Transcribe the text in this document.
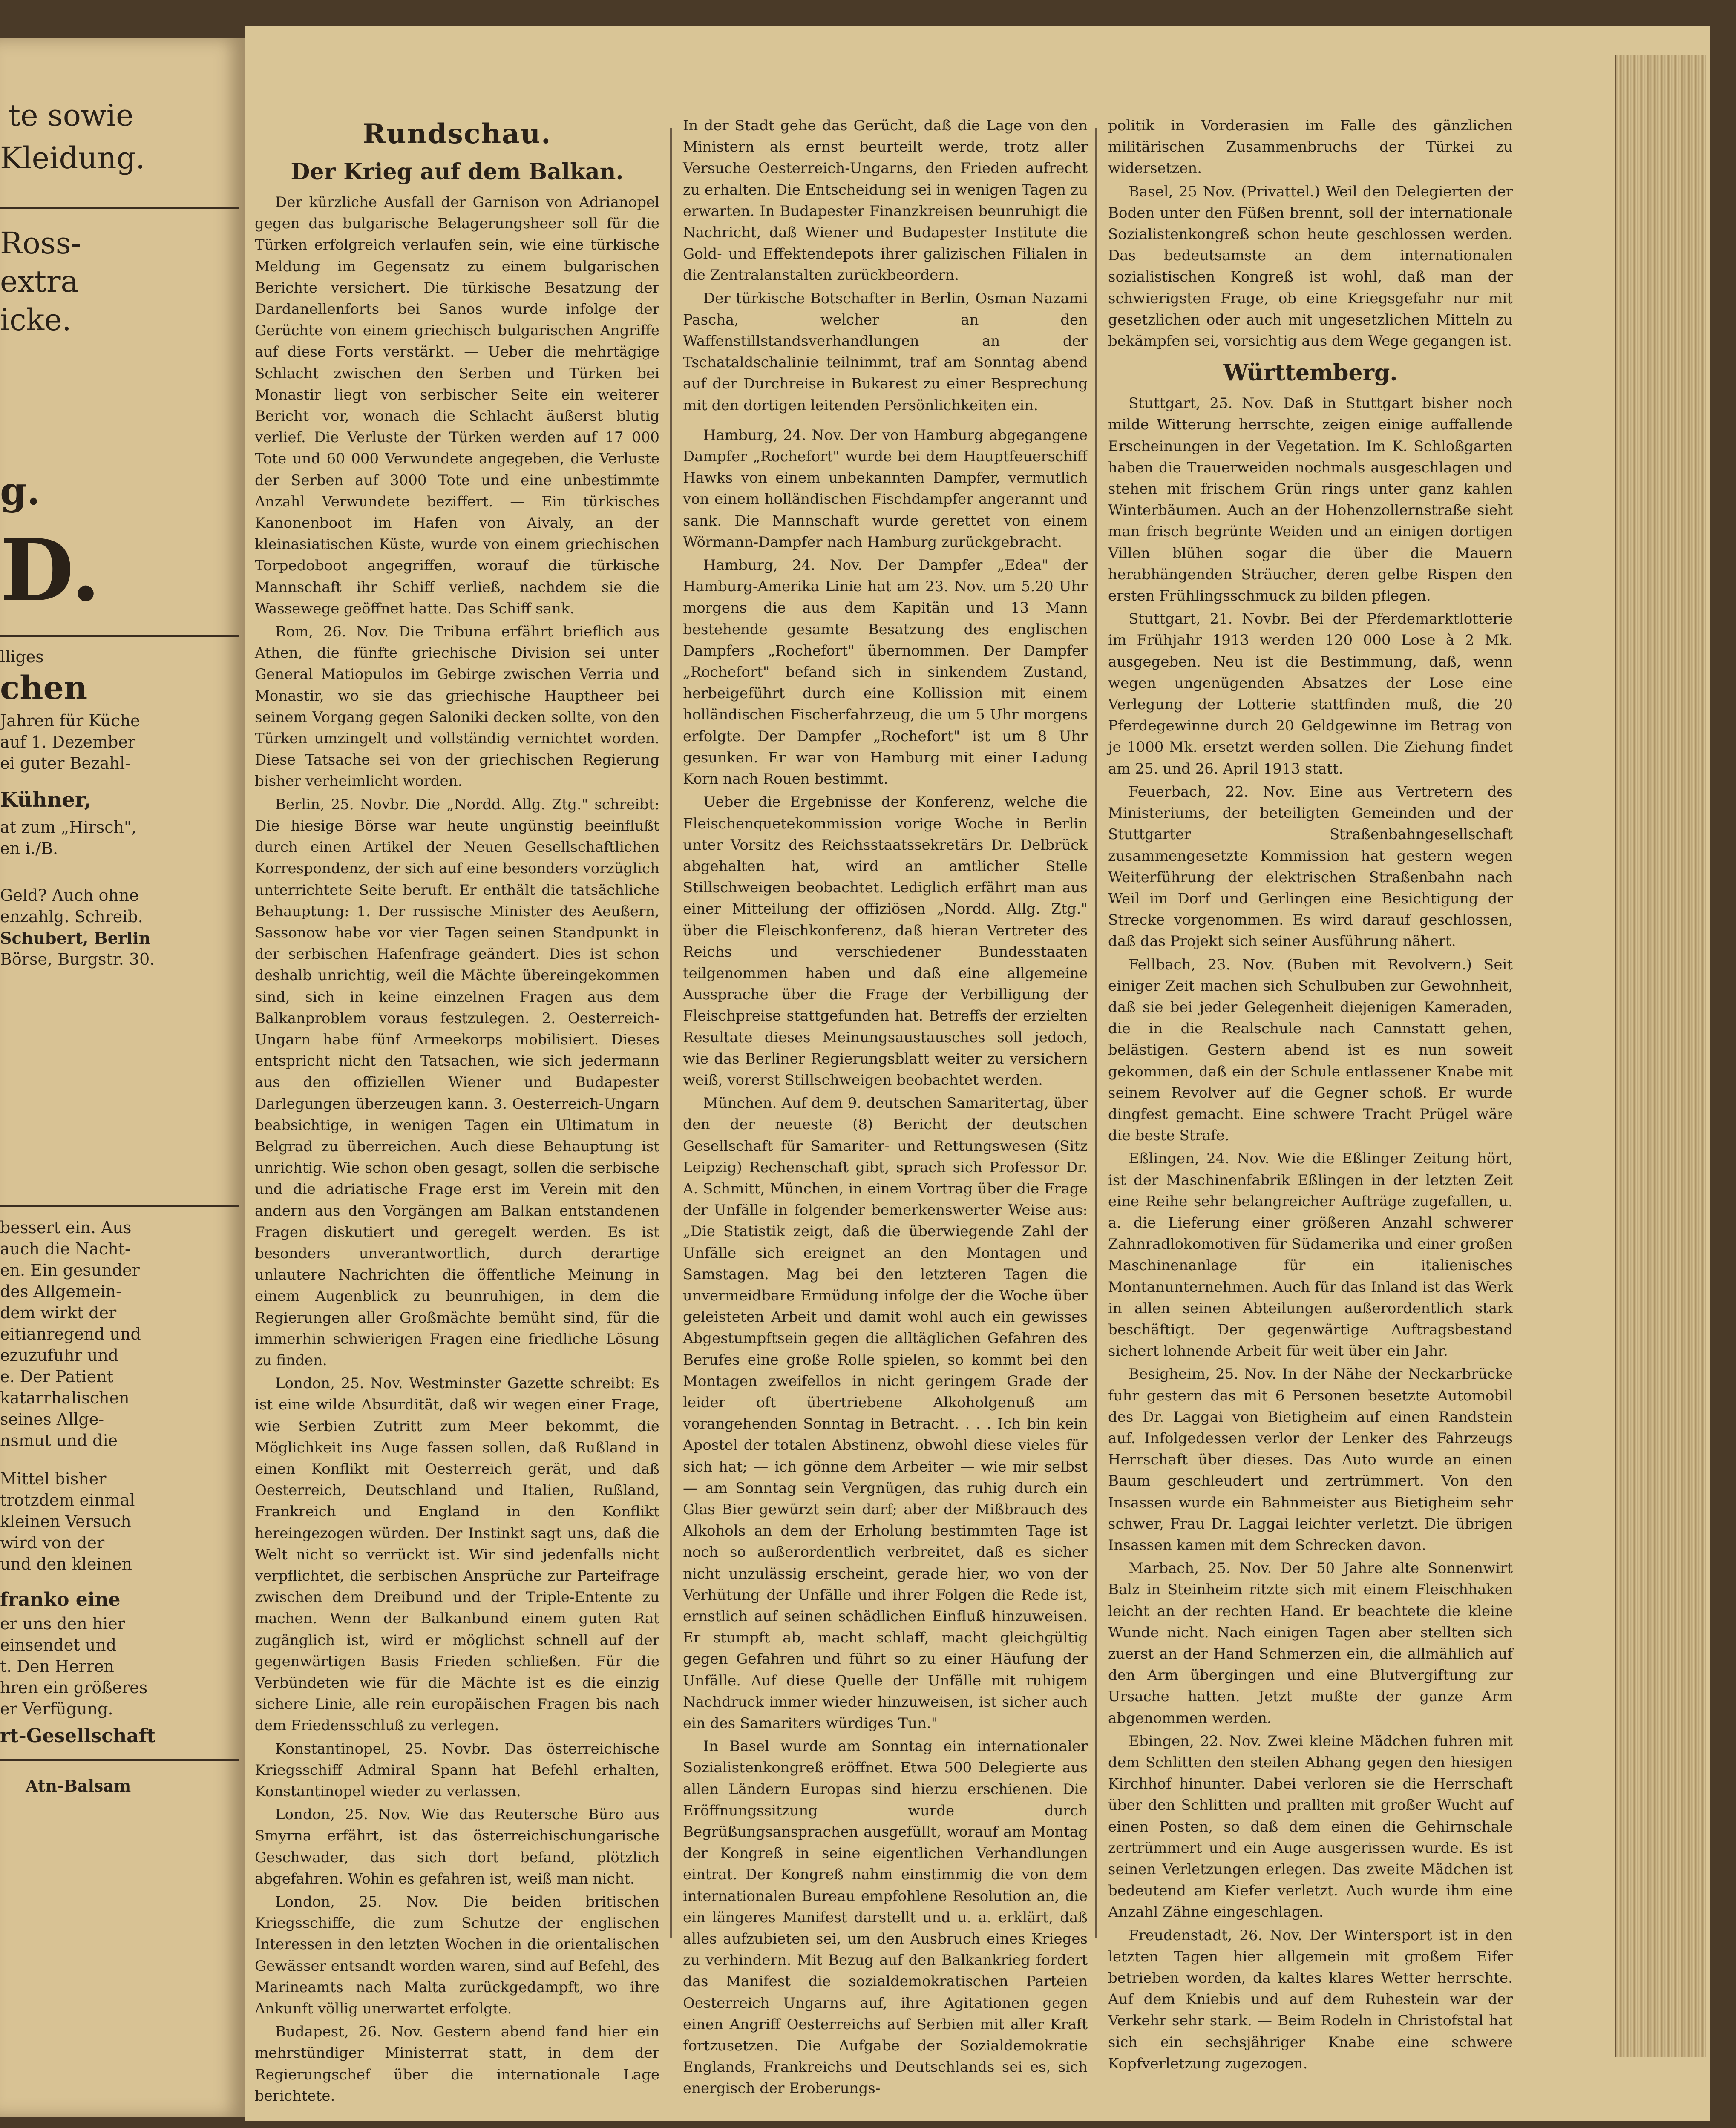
te sowie
Kleidung.
Ross-
extra
icke.
g.
D.
lliges
chen
Jahren für Küche
auf 1. Dezember
ei guter Bezahl-
Kühner,
at zum „Hirsch",
en i./B.
Geld? Auch ohne
enzahlg. Schreib.
Schubert, Berlin
Börse, Burgstr. 30.
bessert ein. Aus
auch die Nacht-
en. Ein gesunder
des Allgemein-
dem wirkt der
eitianregend und
ezuzufuhr und
e. Der Patient
katarrhalischen
seines Allge-
nsmut und die
Mittel bisher
trotzdem einmal
kleinen Versuch
wird von der
und den kleinen
franko eine
er uns den hier
einsendet und
t. Den Herren
hren ein größeres
er Verfügung.
rt-Gesellschaft
Atn-Balsam
Rundschau.
Der Krieg auf dem Balkan.

Der kürzliche Ausfall der Garnison von Adrianopel gegen das bulgarische Belagerungsheer soll für die Türken erfolgreich verlaufen sein, wie eine türkische Meldung im Gegensatz zu einem bulgarischen Berichte versichert. Die türkische Besatzung der Dardanellenforts bei Sanos wurde infolge der Gerüchte von einem griechisch bulgarischen Angriffe auf diese Forts verstärkt. — Ueber die mehrtägige Schlacht zwischen den Serben und Türken bei Monastir liegt von serbischer Seite ein weiterer Bericht vor, wonach die Schlacht äußerst blutig verlief. Die Verluste der Türken werden auf 17 000 Tote und 60 000 Verwundete angegeben, die Verluste der Serben auf 3000 Tote und eine unbestimmte Anzahl Verwundete beziffert. — Ein türkisches Kanonenboot im Hafen von Aivaly, an der kleinasiatischen Küste, wurde von einem griechischen Torpedoboot angegriffen, worauf die türkische Mannschaft ihr Schiff verließ, nachdem sie die Wassewege geöffnet hatte. Das Schiff sank.

Rom, 26. Nov. Die Tribuna erfährt brieflich aus Athen, die fünfte griechische Division sei unter General Matiopulos im Gebirge zwischen Verria und Monastir, wo sie das griechische Hauptheer bei seinem Vorgang gegen Saloniki decken sollte, von den Türken umzingelt und vollständig vernichtet worden. Diese Tatsache sei von der griechischen Regierung bisher verheimlicht worden.

Berlin, 25. Novbr. Die „Nordd. Allg. Ztg." schreibt: Die hiesige Börse war heute ungünstig beeinflußt durch einen Artikel der Neuen Gesellschaftlichen Korrespondenz, der sich auf eine besonders vorzüglich unterrichtete Seite beruft. Er enthält die tatsächliche Behauptung: 1. Der russische Minister des Aeußern, Sassonow habe vor vier Tagen seinen Standpunkt in der serbischen Hafenfrage geändert. Dies ist schon deshalb unrichtig, weil die Mächte übereingekommen sind, sich in keine einzelnen Fragen aus dem Balkanproblem voraus festzulegen. 2. Oesterreich-Ungarn habe fünf Armeekorps mobilisiert. Dieses entspricht nicht den Tatsachen, wie sich jedermann aus den offiziellen Wiener und Budapester Darlegungen überzeugen kann. 3. Oesterreich-Ungarn beabsichtige, in wenigen Tagen ein Ultimatum in Belgrad zu überreichen. Auch diese Behauptung ist unrichtig. Wie schon oben gesagt, sollen die serbische und die adriatische Frage erst im Verein mit den andern aus den Vorgängen am Balkan entstandenen Fragen diskutiert und geregelt werden. Es ist besonders unverantwortlich, durch derartige unlautere Nachrichten die öffentliche Meinung in einem Augenblick zu beunruhigen, in dem die Regierungen aller Großmächte bemüht sind, für die immerhin schwierigen Fragen eine friedliche Lösung zu finden.

London, 25. Nov. Westminster Gazette schreibt: Es ist eine wilde Absurdität, daß wir wegen einer Frage, wie Serbien Zutritt zum Meer bekommt, die Möglichkeit ins Auge fassen sollen, daß Rußland in einen Konflikt mit Oesterreich gerät, und daß Oesterreich, Deutschland und Italien, Rußland, Frankreich und England in den Konflikt hereingezogen würden. Der Instinkt sagt uns, daß die Welt nicht so verrückt ist. Wir sind jedenfalls nicht verpflichtet, die serbischen Ansprüche zur Parteifrage zwischen dem Dreibund und der Triple-Entente zu machen. Wenn der Balkanbund einem guten Rat zugänglich ist, wird er möglichst schnell auf der gegenwärtigen Basis Frieden schließen. Für die Verbündeten wie für die Mächte ist es die einzig sichere Linie, alle rein europäischen Fragen bis nach dem Friedensschluß zu verlegen.

Konstantinopel, 25. Novbr. Das österreichische Kriegsschiff Admiral Spann hat Befehl erhalten, Konstantinopel wieder zu verlassen.

London, 25. Nov. Wie das Reutersche Büro aus Smyrna erfährt, ist das österreichischungarische Geschwader, das sich dort befand, plötzlich abgefahren. Wohin es gefahren ist, weiß man nicht.

London, 25. Nov. Die beiden britischen Kriegsschiffe, die zum Schutze der englischen Interessen in den letzten Wochen in die orientalischen Gewässer entsandt worden waren, sind auf Befehl, des Marineamts nach Malta zurückgedampft, wo ihre Ankunft völlig unerwartet erfolgte.

Budapest, 26. Nov. Gestern abend fand hier ein mehrstündiger Ministerrat statt, in dem der Regierungschef über die internationale Lage berichtete.

In der Stadt gehe das Gerücht, daß die Lage von den Ministern als ernst beurteilt werde, trotz aller Versuche Oesterreich-Ungarns, den Frieden aufrecht zu erhalten. Die Entscheidung sei in wenigen Tagen zu erwarten. In Budapester Finanzkreisen beunruhigt die Nachricht, daß Wiener und Budapester Institute die Gold- und Effektendepots ihrer galizischen Filialen in die Zentralanstalten zurückbeordern.

Der türkische Botschafter in Berlin, Osman Nazami Pascha, welcher an den Waffenstillstandsverhandlungen an der Tschataldschalinie teilnimmt, traf am Sonntag abend auf der Durchreise in Bukarest zu einer Besprechung mit den dortigen leitenden Persönlichkeiten ein.

Hamburg, 24. Nov. Der von Hamburg abgegangene Dampfer „Rochefort" wurde bei dem Hauptfeuerschiff Hawks von einem unbekannten Dampfer, vermutlich von einem holländischen Fischdampfer angerannt und sank. Die Mannschaft wurde gerettet von einem Wörmann-Dampfer nach Hamburg zurückgebracht.

Hamburg, 24. Nov. Der Dampfer „Edea" der Hamburg-Amerika Linie hat am 23. Nov. um 5.20 Uhr morgens die aus dem Kapitän und 13 Mann bestehende gesamte Besatzung des englischen Dampfers „Rochefort" übernommen. Der Dampfer „Rochefort" befand sich in sinkendem Zustand, herbeigeführt durch eine Kollission mit einem holländischen Fischerfahrzeug, die um 5 Uhr morgens erfolgte. Der Dampfer „Rochefort" ist um 8 Uhr gesunken. Er war von Hamburg mit einer Ladung Korn nach Rouen bestimmt.

Ueber die Ergebnisse der Konferenz, welche die Fleischenquetekommission vorige Woche in Berlin unter Vorsitz des Reichsstaatssekretärs Dr. Delbrück abgehalten hat, wird an amtlicher Stelle Stillschweigen beobachtet. Lediglich erfährt man aus einer Mitteilung der offiziösen „Nordd. Allg. Ztg." über die Fleischkonferenz, daß hieran Vertreter des Reichs und verschiedener Bundesstaaten teilgenommen haben und daß eine allgemeine Aussprache über die Frage der Verbilligung der Fleischpreise stattgefunden hat. Betreffs der erzielten Resultate dieses Meinungsaustausches soll jedoch, wie das Berliner Regierungsblatt weiter zu versichern weiß, vorerst Stillschweigen beobachtet werden.

München. Auf dem 9. deutschen Samaritertag, über den der neueste (8) Bericht der deutschen Gesellschaft für Samariter- und Rettungswesen (Sitz Leipzig) Rechenschaft gibt, sprach sich Professor Dr. A. Schmitt, München, in einem Vortrag über die Frage der Unfälle in folgender bemerkenswerter Weise aus: „Die Statistik zeigt, daß die überwiegende Zahl der Unfälle sich ereignet an den Montagen und Samstagen. Mag bei den letzteren Tagen die unvermeidbare Ermüdung infolge der die Woche über geleisteten Arbeit und damit wohl auch ein gewisses Abgestumpftsein gegen die alltäglichen Gefahren des Berufes eine große Rolle spielen, so kommt bei den Montagen zweifellos in nicht geringem Grade der leider oft übertriebene Alkoholgenuß am vorangehenden Sonntag in Betracht. . . . Ich bin kein Apostel der totalen Abstinenz, obwohl diese vieles für sich hat; — ich gönne dem Arbeiter — wie mir selbst — am Sonntag sein Vergnügen, das ruhig durch ein Glas Bier gewürzt sein darf; aber der Mißbrauch des Alkohols an dem der Erholung bestimmten Tage ist noch so außerordentlich verbreitet, daß es sicher nicht unzulässig erscheint, gerade hier, wo von der Verhütung der Unfälle und ihrer Folgen die Rede ist, ernstlich auf seinen schädlichen Einfluß hinzuweisen. Er stumpft ab, macht schlaff, macht gleichgültig gegen Gefahren und führt so zu einer Häufung der Unfälle. Auf diese Quelle der Unfälle mit ruhigem Nachdruck immer wieder hinzuweisen, ist sicher auch ein des Samariters würdiges Tun."

In Basel wurde am Sonntag ein internationaler Sozialistenkongreß eröffnet. Etwa 500 Delegierte aus allen Ländern Europas sind hierzu erschienen. Die Eröffnungssitzung wurde durch Begrüßungsansprachen ausgefüllt, worauf am Montag der Kongreß in seine eigentlichen Verhandlungen eintrat. Der Kongreß nahm einstimmig die von dem internationalen Bureau empfohlene Resolution an, die ein längeres Manifest darstellt und u. a. erklärt, daß alles aufzubieten sei, um den Ausbruch eines Krieges zu verhindern. Mit Bezug auf den Balkankrieg fordert das Manifest die sozialdemokratischen Parteien Oesterreich Ungarns auf, ihre Agitationen gegen einen Angriff Oesterreichs auf Serbien mit aller Kraft fortzusetzen. Die Aufgabe der Sozialdemokratie Englands, Frankreichs und Deutschlands sei es, sich energisch der Eroberungs-

politik in Vorderasien im Falle des gänzlichen militärischen Zusammenbruchs der Türkei zu widersetzen.

Basel, 25 Nov. (Privattel.) Weil den Delegierten der Boden unter den Füßen brennt, soll der internationale Sozialistenkongreß schon heute geschlossen werden. Das bedeutsamste an dem internationalen sozialistischen Kongreß ist wohl, daß man der schwierigsten Frage, ob eine Kriegsgefahr nur mit gesetzlichen oder auch mit ungesetzlichen Mitteln zu bekämpfen sei, vorsichtig aus dem Wege gegangen ist.

Württemberg.

Stuttgart, 25. Nov. Daß in Stuttgart bisher noch milde Witterung herrschte, zeigen einige auffallende Erscheinungen in der Vegetation. Im K. Schloßgarten haben die Trauerweiden nochmals ausgeschlagen und stehen mit frischem Grün rings unter ganz kahlen Winterbäumen. Auch an der Hohenzollernstraße sieht man frisch begrünte Weiden und an einigen dortigen Villen blühen sogar die über die Mauern herabhängenden Sträucher, deren gelbe Rispen den ersten Frühlingsschmuck zu bilden pflegen.

Stuttgart, 21. Novbr. Bei der Pferdemarktlotterie im Frühjahr 1913 werden 120 000 Lose à 2 Mk. ausgegeben. Neu ist die Bestimmung, daß, wenn wegen ungenügenden Absatzes der Lose eine Verlegung der Lotterie stattfinden muß, die 20 Pferdegewinne durch 20 Geldgewinne im Betrag von je 1000 Mk. ersetzt werden sollen. Die Ziehung findet am 25. und 26. April 1913 statt.

Feuerbach, 22. Nov. Eine aus Vertretern des Ministeriums, der beteiligten Gemeinden und der Stuttgarter Straßenbahngesellschaft zusammengesetzte Kommission hat gestern wegen Weiterführung der elektrischen Straßenbahn nach Weil im Dorf und Gerlingen eine Besichtigung der Strecke vorgenommen. Es wird darauf geschlossen, daß das Projekt sich seiner Ausführung nähert.

Fellbach, 23. Nov. (Buben mit Revolvern.) Seit einiger Zeit machen sich Schulbuben zur Gewohnheit, daß sie bei jeder Gelegenheit diejenigen Kameraden, die in die Realschule nach Cannstatt gehen, belästigen. Gestern abend ist es nun soweit gekommen, daß ein der Schule entlassener Knabe mit seinem Revolver auf die Gegner schoß. Er wurde dingfest gemacht. Eine schwere Tracht Prügel wäre die beste Strafe.

Eßlingen, 24. Nov. Wie die Eßlinger Zeitung hört, ist der Maschinenfabrik Eßlingen in der letzten Zeit eine Reihe sehr belangreicher Aufträge zugefallen, u. a. die Lieferung einer größeren Anzahl schwerer Zahnradlokomotiven für Südamerika und einer großen Maschinenanlage für ein italienisches Montanunternehmen. Auch für das Inland ist das Werk in allen seinen Abteilungen außerordentlich stark beschäftigt. Der gegenwärtige Auftragsbestand sichert lohnende Arbeit für weit über ein Jahr.

Besigheim, 25. Nov. In der Nähe der Neckarbrücke fuhr gestern das mit 6 Personen besetzte Automobil des Dr. Laggai von Bietigheim auf einen Randstein auf. Infolgedessen verlor der Lenker des Fahrzeugs Herrschaft über dieses. Das Auto wurde an einen Baum geschleudert und zertrümmert. Von den Insassen wurde ein Bahnmeister aus Bietigheim sehr schwer, Frau Dr. Laggai leichter verletzt. Die übrigen Insassen kamen mit dem Schrecken davon.

Marbach, 25. Nov. Der 50 Jahre alte Sonnenwirt Balz in Steinheim ritzte sich mit einem Fleischhaken leicht an der rechten Hand. Er beachtete die kleine Wunde nicht. Nach einigen Tagen aber stellten sich zuerst an der Hand Schmerzen ein, die allmählich auf den Arm übergingen und eine Blutvergiftung zur Ursache hatten. Jetzt mußte der ganze Arm abgenommen werden.

Ebingen, 22. Nov. Zwei kleine Mädchen fuhren mit dem Schlitten den steilen Abhang gegen den hiesigen Kirchhof hinunter. Dabei verloren sie die Herrschaft über den Schlitten und prallten mit großer Wucht auf einen Posten, so daß dem einen die Gehirnschale zertrümmert und ein Auge ausgerissen wurde. Es ist seinen Verletzungen erlegen. Das zweite Mädchen ist bedeutend am Kiefer verletzt. Auch wurde ihm eine Anzahl Zähne eingeschlagen.

Freudenstadt, 26. Nov. Der Wintersport ist in den letzten Tagen hier allgemein mit großem Eifer betrieben worden, da kaltes klares Wetter herrschte. Auf dem Kniebis und auf dem Ruhestein war der Verkehr sehr stark. — Beim Rodeln in Christofstal hat sich ein sechsjähriger Knabe eine schwere Kopfverletzung zugezogen.
